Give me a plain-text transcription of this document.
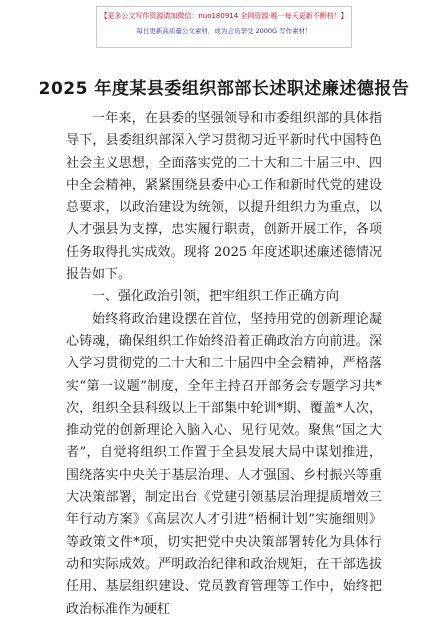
【更多公文写作资源请加微信：nuo180914 全网资源·唯一每天更新不断档！】
每日更新高质量公文素材，成为会员享受 2000G 写作素材！
2025 年度某县委组织部部长述职述廉述德报告

一年来，在县委的坚强领导和市委组织部的具体指导下，县委组织部深入学习贯彻习近平新时代中国特色社会主义思想，全面落实党的二十大和二十届三中、四中全会精神，紧紧围绕县委中心工作和新时代党的建设总要求，以政治建设为统领，以提升组织力为重点，以人才强县为支撑，忠实履行职责，创新开展工作，各项任务取得扎实成效。现将 2025 年度述职述廉述德情况报告如下。

一、强化政治引领，把牢组织工作正确方向

始终将政治建设摆在首位，坚持用党的创新理论凝心铸魂，确保组织工作始终沿着正确政治方向前进。深入学习贯彻党的二十大和二十届四中全会精神，严格落实“第一议题”制度，全年主持召开部务会专题学习共*次，组织全县科级以上干部集中轮训*期、覆盖*人次，推动党的创新理论入脑入心、见行见效。聚焦“国之大者”，自觉将组织工作置于全县发展大局中谋划推进，围绕落实中央关于基层治理、人才强国、乡村振兴等重大决策部署，制定出台《党建引领基层治理提质增效三年行动方案》《高层次人才引进“梧桐计划”实施细则》等政策文件*项，切实把党中央决策部署转化为具体行动和实际成效。严明政治纪律和政治规矩，在干部选拔任用、基层组织建设、党员教育管理等工作中，始终把政治标准作为硬杠
